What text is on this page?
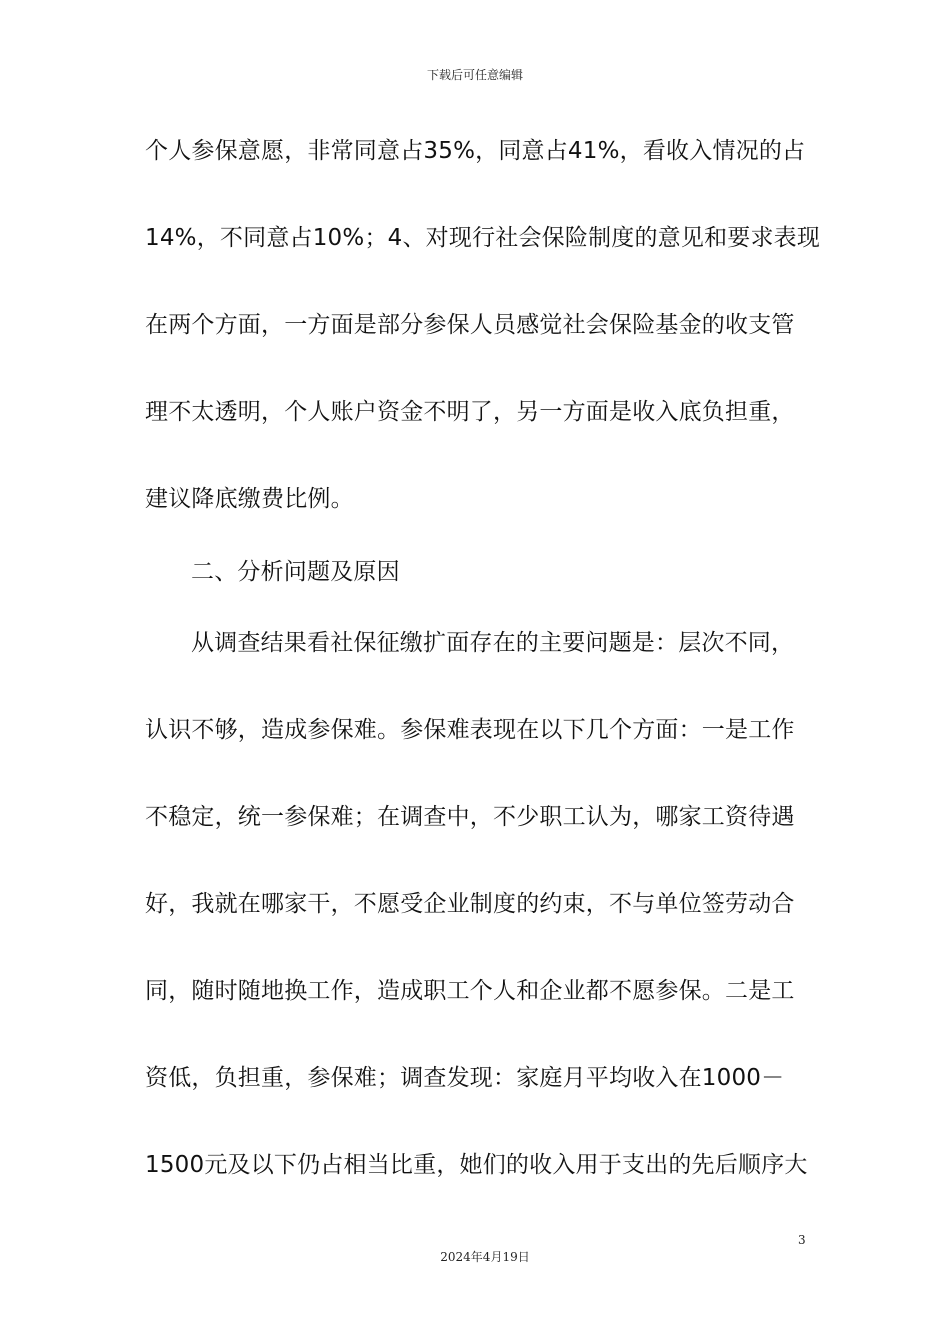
下载后可任意编辑
个人参保意愿，非常同意占35%，同意占41%，看收入情况的占
14%，不同意占10%；4、对现行社会保险制度的意见和要求表现
在两个方面，一方面是部分参保人员感觉社会保险基金的收支管
理不太透明，个人账户资金不明了，另一方面是收入底负担重，
建议降底缴费比例。
二、分析问题及原因
从调查结果看社保征缴扩面存在的主要问题是：层次不同，
认识不够，造成参保难。参保难表现在以下几个方面：一是工作
不稳定，统一参保难；在调查中，不少职工认为，哪家工资待遇
好，我就在哪家干，不愿受企业制度的约束，不与单位签劳动合
同，随时随地换工作，造成职工个人和企业都不愿参保。二是工
资低，负担重，参保难；调查发现：家庭月平均收入在1000－
1500元及以下仍占相当比重，她们的收入用于支出的先后顺序大
3
2024年4月19日
